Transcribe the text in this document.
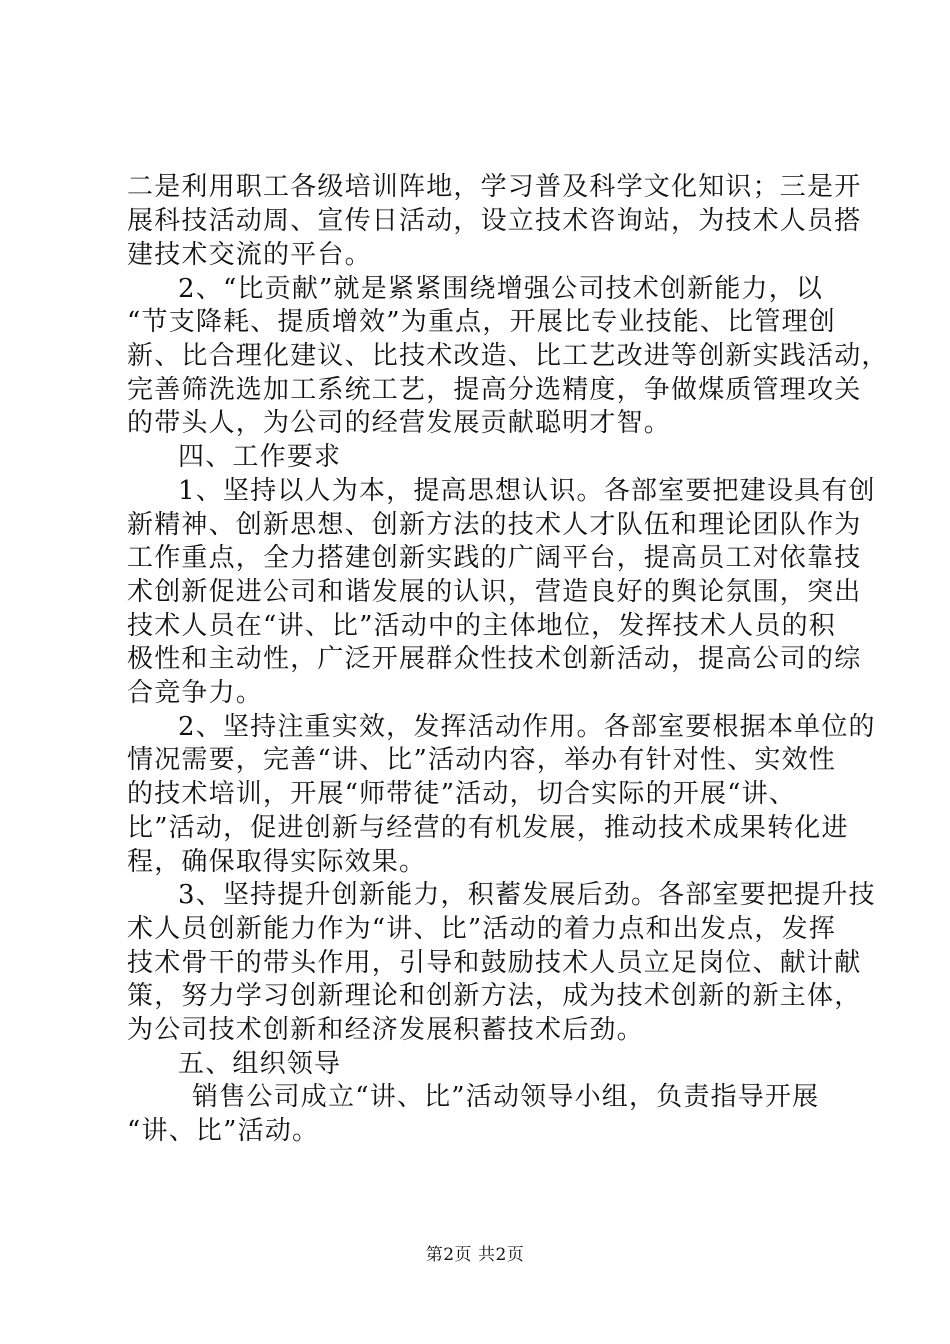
二是利用职工各级培训阵地，学习普及科学文化知识；三是开
展科技活动周、宣传日活动，设立技术咨询站，为技术人员搭
建技术交流的平台。
2、“比贡献”就是紧紧围绕增强公司技术创新能力，以
“节支降耗、提质增效”为重点，开展比专业技能、比管理创
新、比合理化建议、比技术改造、比工艺改进等创新实践活动，
完善筛洗选加工系统工艺，提高分选精度，争做煤质管理攻关
的带头人，为公司的经营发展贡献聪明才智。
四、工作要求
1、坚持以人为本，提高思想认识。各部室要把建设具有创
新精神、创新思想、创新方法的技术人才队伍和理论团队作为
工作重点，全力搭建创新实践的广阔平台，提高员工对依靠技
术创新促进公司和谐发展的认识，营造良好的舆论氛围，突出
技术人员在“讲、比”活动中的主体地位，发挥技术人员的积
极性和主动性，广泛开展群众性技术创新活动，提高公司的综
合竞争力。
2、坚持注重实效，发挥活动作用。各部室要根据本单位的
情况需要，完善“讲、比”活动内容，举办有针对性、实效性
的技术培训，开展“师带徒”活动，切合实际的开展“讲、
比”活动，促进创新与经营的有机发展，推动技术成果转化进
程，确保取得实际效果。
3、坚持提升创新能力，积蓄发展后劲。各部室要把提升技
术人员创新能力作为“讲、比”活动的着力点和出发点，发挥
技术骨干的带头作用，引导和鼓励技术人员立足岗位、献计献
策，努力学习创新理论和创新方法，成为技术创新的新主体，
为公司技术创新和经济发展积蓄技术后劲。
五、组织领导
销售公司成立“讲、比”活动领导小组，负责指导开展
“讲、比”活动。
第2页 共2页
